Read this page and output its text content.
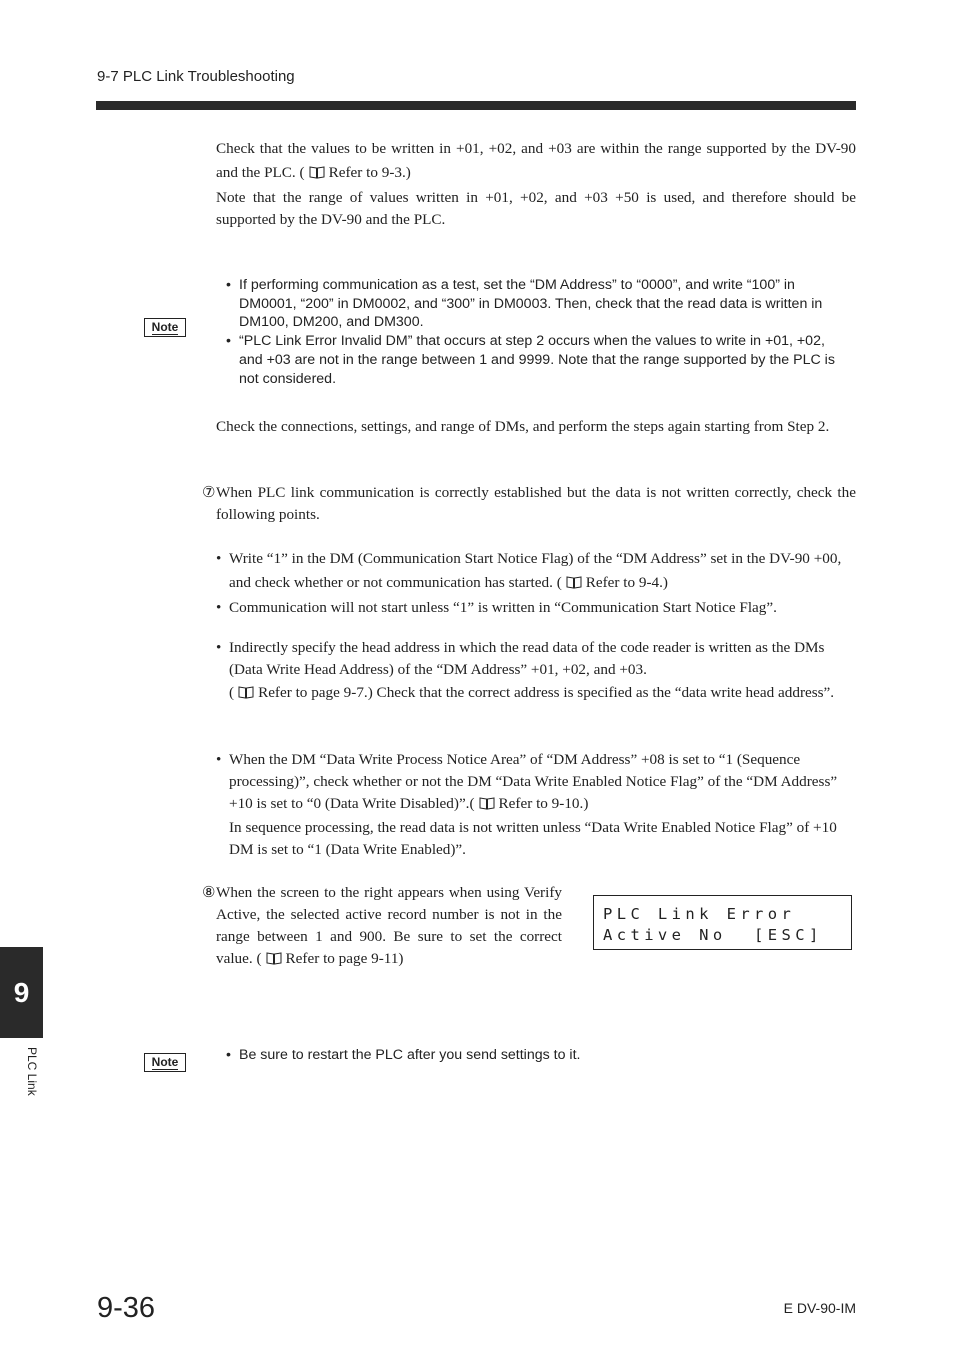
9-7 PLC Link Troubleshooting

Check that the values to be written in +01, +02, and +03 are within the range supported by the DV-90 and the PLC. ( Refer to 9-3.)

Note that the range of values written in +01, +02, and +03 +50 is used, and therefore should be supported by the DV-90 and the PLC.

Note
• If performing communication as a test, set the “DM Address” to “0000”, and write “100” in DM0001, “200” in DM0002, and “300” in DM0003. Then, check that the read data is written in DM100, DM200, and DM300.
• “PLC Link Error Invalid DM” that occurs at step 2 occurs when the values to write in +01, +02, and +03 are not in the range between 1 and 9999. Note that the range supported by the PLC is not considered.

Check the connections, settings, and range of DMs, and perform the steps again starting from Step 2.

⑦ When PLC link communication is correctly established but the data is not written correctly, check the following points.

• Write “1” in the DM (Communication Start Notice Flag) of the “DM Address” set in the DV-90 +00, and check whether or not communication has started. ( Refer to 9-4.)
• Communication will not start unless “1” is written in “Communication Start Notice Flag”.
• Indirectly specify the head address in which the read data of the code reader is written as the DMs (Data Write Head Address) of the “DM Address” +01, +02, and +03.
( Refer to page 9-7.) Check that the correct address is specified as the “data write head address”.
• When the DM “Data Write Process Notice Area” of “DM Address” +08 is set to “1 (Sequence processing)”, check whether or not the DM “Data Write Enabled Notice Flag” of the “DM Address” +10 is set to “0 (Data Write Disabled)”.( Refer to 9-10.)
In sequence processing, the read data is not written unless “Data Write Enabled Notice Flag” of +10 DM is set to “1 (Data Write Enabled)”.
⑧ When the screen to the right appears when using Verify Active, the selected active record number is not in the range between 1 and 900. Be sure to set the correct value. ( Refer to page 9-11)

PLC Link Error
Active No  [ESC]
Note
•	Be sure to restart the PLC after you send settings to it.
9
PLC Link
9-36	E DV-90-IM
